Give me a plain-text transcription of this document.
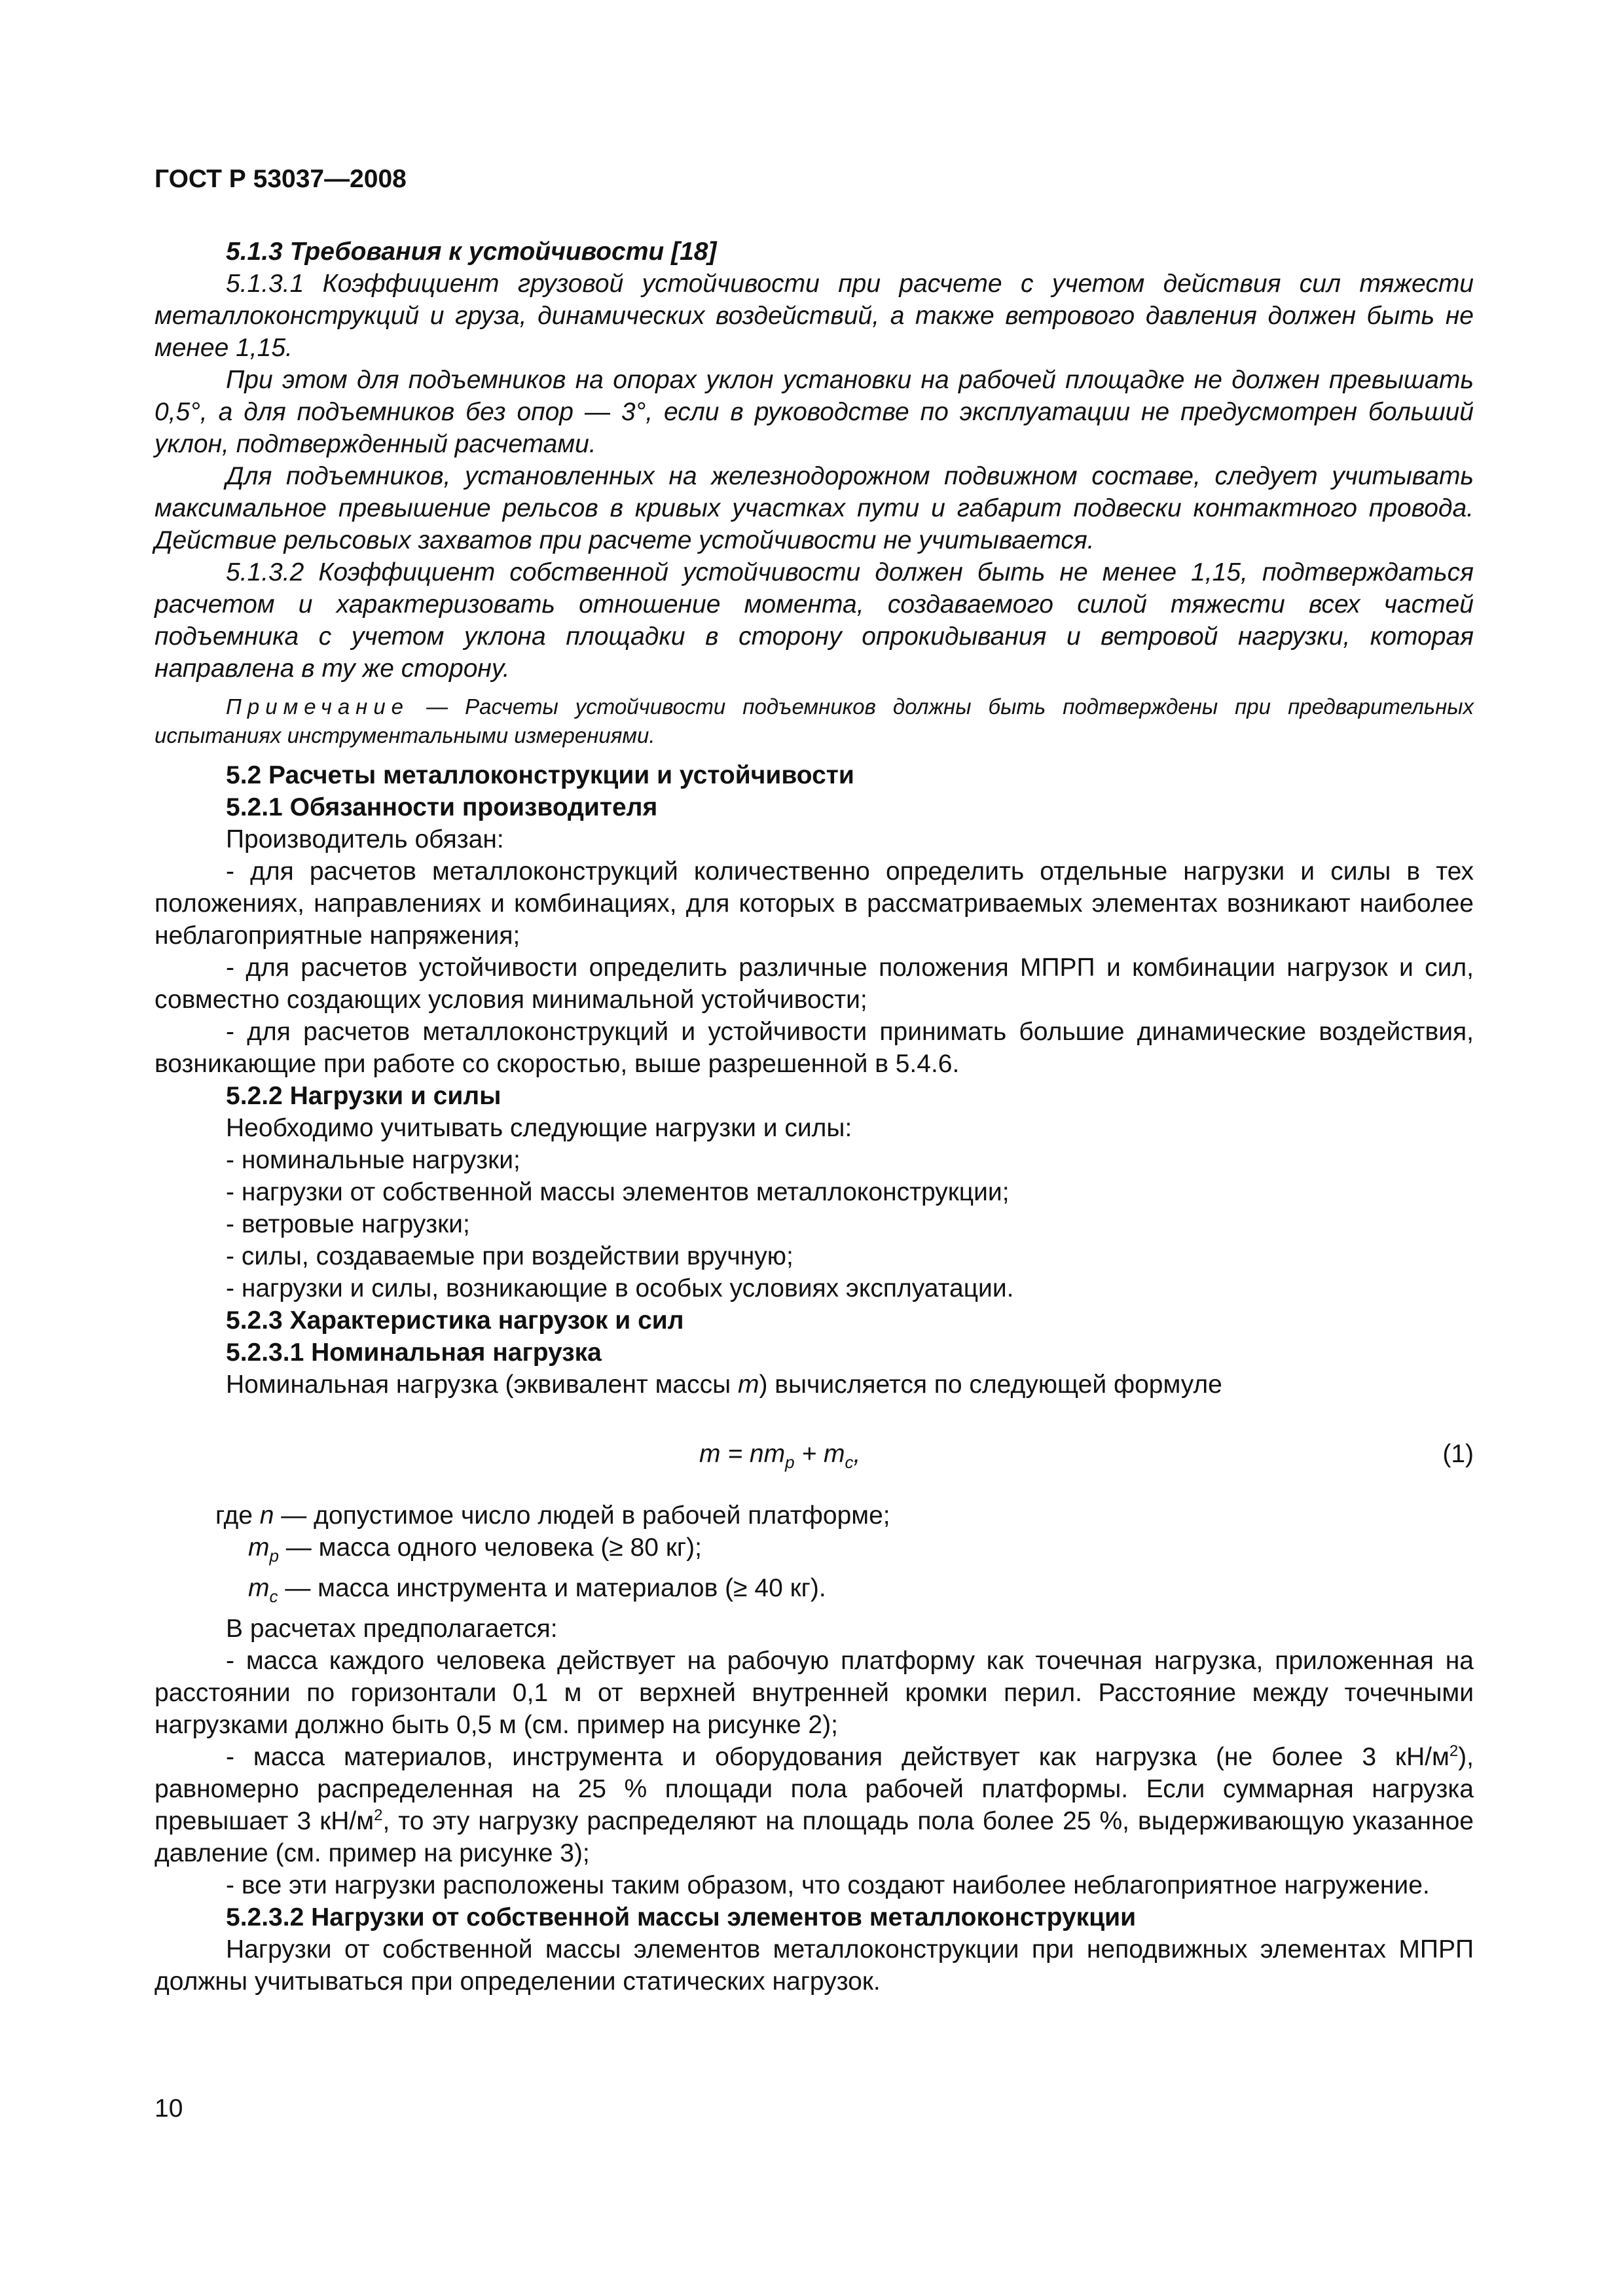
ГОСТ Р 53037—2008

5.1.3 Требования к устойчивости [18]

5.1.3.1 Коэффициент грузовой устойчивости при расчете с учетом действия сил тяжести металлоконструкций и груза, динамических воздействий, а также ветрового давления должен быть не менее 1,15.

При этом для подъемников на опорах уклон установки на рабочей площадке не должен превышать 0,5°, а для подъемников без опор — 3°, если в руководстве по эксплуатации не предусмотрен больший уклон, подтвержденный расчетами.

Для подъемников, установленных на железнодорожном подвижном составе, следует учитывать максимальное превышение рельсов в кривых участках пути и габарит подвески контактного провода. Действие рельсовых захватов при расчете устойчивости не учитывается.

5.1.3.2 Коэффициент собственной устойчивости должен быть не менее 1,15, подтверждаться расчетом и характеризовать отношение момента, создаваемого силой тяжести всех частей подъемника с учетом уклона площадки в сторону опрокидывания и ветровой нагрузки, которая направлена в ту же сторону.

Примечание — Расчеты устойчивости подъемников должны быть подтверждены при предварительных испытаниях инструментальными измерениями.

5.2 Расчеты металлоконструкции и устойчивости

5.2.1 Обязанности производителя

Производитель обязан:

- для расчетов металлоконструкций количественно определить отдельные нагрузки и силы в тех положениях, направлениях и комбинациях, для которых в рассматриваемых элементах возникают наиболее неблагоприятные напряжения;

- для расчетов устойчивости определить различные положения МПРП и комбинации нагрузок и сил, совместно создающих условия минимальной устойчивости;

- для расчетов металлоконструкций и устойчивости принимать большие динамические воздействия, возникающие при работе со скоростью, выше разрешенной в 5.4.6.

5.2.2 Нагрузки и силы

Необходимо учитывать следующие нагрузки и силы:

- номинальные нагрузки;

- нагрузки от собственной массы элементов металлоконструкции;

- ветровые нагрузки;

- силы, создаваемые при воздействии вручную;

- нагрузки и силы, возникающие в особых условиях эксплуатации.

5.2.3 Характеристика нагрузок и сил

5.2.3.1 Номинальная нагрузка

Номинальная нагрузка (эквивалент массы m) вычисляется по следующей формуле

$m = nm_p + m_c$,	(1)

где n — допустимое число людей в рабочей платформе;

$m_p$ — масса одного человека (≥ 80 кг);

$m_c$ — масса инструмента и материалов (≥ 40 кг).

В расчетах предполагается:

- масса каждого человека действует на рабочую платформу как точечная нагрузка, приложенная на расстоянии по горизонтали 0,1 м от верхней внутренней кромки перил. Расстояние между точечными нагрузками должно быть 0,5 м (см. пример на рисунке 2);

- масса материалов, инструмента и оборудования действует как нагрузка (не более 3 $кН/м^2$), равномерно распределенная на 25 % площади пола рабочей платформы. Если суммарная нагрузка превышает 3 $кН/м^2$, то эту нагрузку распределяют на площадь пола более 25 %, выдерживающую указанное давление (см. пример на рисунке 3);

- все эти нагрузки расположены таким образом, что создают наиболее неблагоприятное нагружение.

5.2.3.2 Нагрузки от собственной массы элементов металлоконструкции

Нагрузки от собственной массы элементов металлоконструкции при неподвижных элементах МПРП должны учитываться при определении статических нагрузок.

10
